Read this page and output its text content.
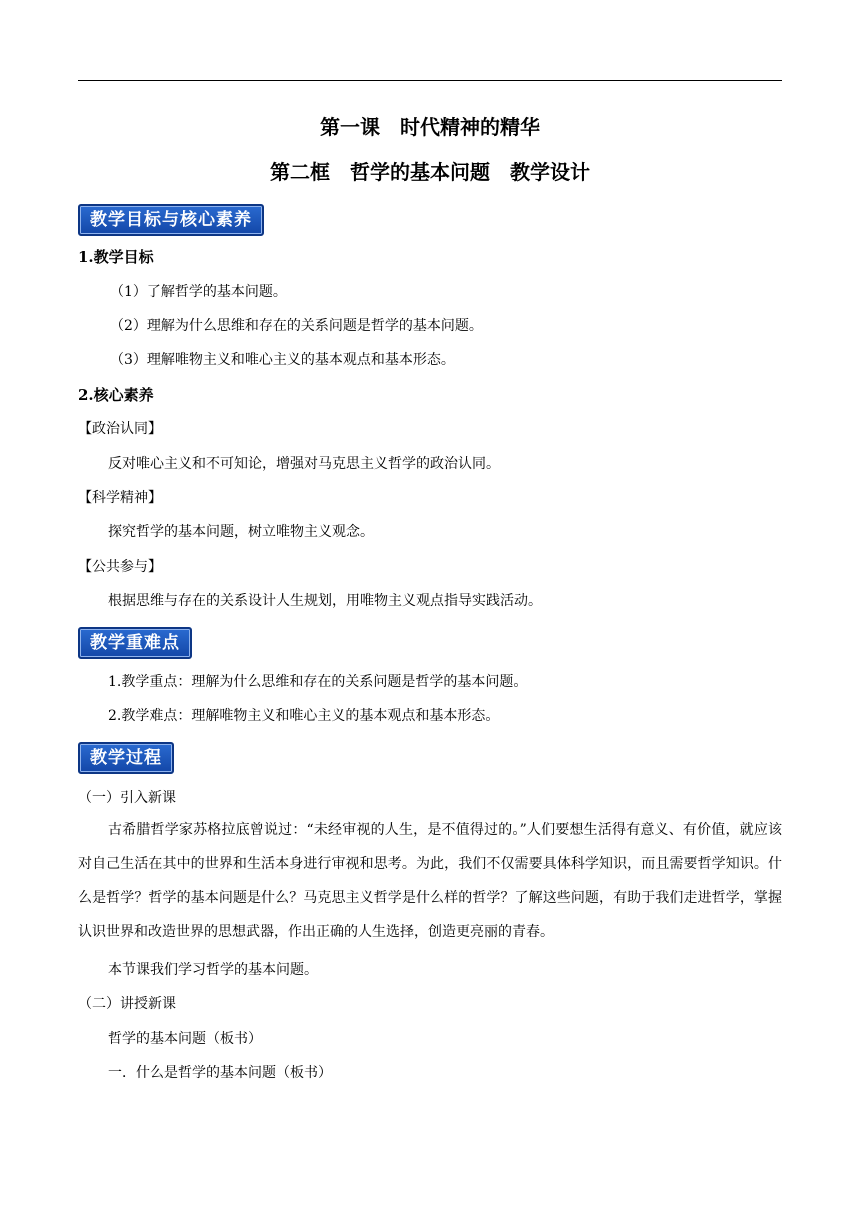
第一课　时代精神的精华
第二框　哲学的基本问题　教学设计
教学目标与核心素养
1.教学目标
（1）了解哲学的基本问题。
（2）理解为什么思维和存在的关系问题是哲学的基本问题。
（3）理解唯物主义和唯心主义的基本观点和基本形态。
2.核心素养
【政治认同】
反对唯心主义和不可知论，增强对马克思主义哲学的政治认同。
【科学精神】
探究哲学的基本问题，树立唯物主义观念。
【公共参与】
根据思维与存在的关系设计人生规划，用唯物主义观点指导实践活动。
教学重难点
1.教学重点：理解为什么思维和存在的关系问题是哲学的基本问题。
2.教学难点：理解唯物主义和唯心主义的基本观点和基本形态。
教学过程
（一）引入新课
古希腊哲学家苏格拉底曾说过：“未经审视的人生，是不值得过的。”人们要想生活得有意义、有价值，就应该对自己生活在其中的世界和生活本身进行审视和思考。为此，我们不仅需要具体科学知识，而且需要哲学知识。什么是哲学？哲学的基本问题是什么？马克思主义哲学是什么样的哲学？了解这些问题，有助于我们走进哲学，掌握认识世界和改造世界的思想武器，作出正确的人生选择，创造更亮丽的青春。
本节课我们学习哲学的基本问题。
（二）讲授新课
哲学的基本问题（板书）
一．什么是哲学的基本问题（板书）
